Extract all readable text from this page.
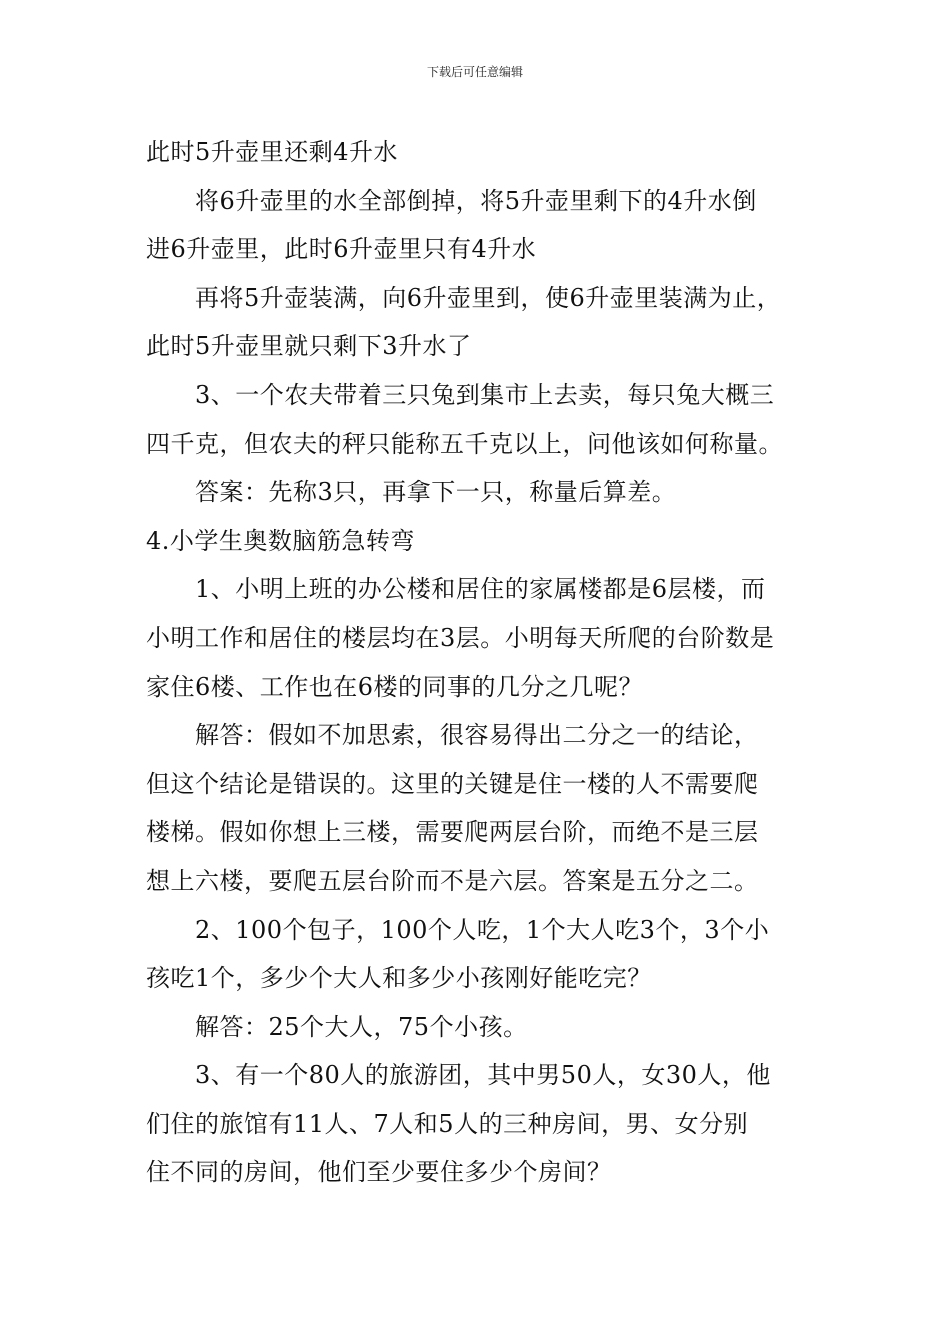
下载后可任意编辑
此时5升壶里还剩4升水
将6升壶里的水全部倒掉，将5升壶里剩下的4升水倒
进6升壶里，此时6升壶里只有4升水
再将5升壶装满，向6升壶里到，使6升壶里装满为止，
此时5升壶里就只剩下3升水了
3、一个农夫带着三只兔到集市上去卖，每只兔大概三
四千克，但农夫的秤只能称五千克以上，问他该如何称量。
答案：先称3只，再拿下一只，称量后算差。
4.小学生奥数脑筋急转弯
1、小明上班的办公楼和居住的家属楼都是6层楼，而
小明工作和居住的楼层均在3层。小明每天所爬的台阶数是
家住6楼、工作也在6楼的同事的几分之几呢？
解答：假如不加思索，很容易得出二分之一的结论，
但这个结论是错误的。这里的关键是住一楼的人不需要爬
楼梯。假如你想上三楼，需要爬两层台阶，而绝不是三层
想上六楼，要爬五层台阶而不是六层。答案是五分之二。
2、100个包子，100个人吃，1个大人吃3个，3个小
孩吃1个，多少个大人和多少小孩刚好能吃完？
解答：25个大人，75个小孩。
3、有一个80人的旅游团，其中男50人，女30人，他
们住的旅馆有11人、7人和5人的三种房间，男、女分别
住不同的房间，他们至少要住多少个房间？
